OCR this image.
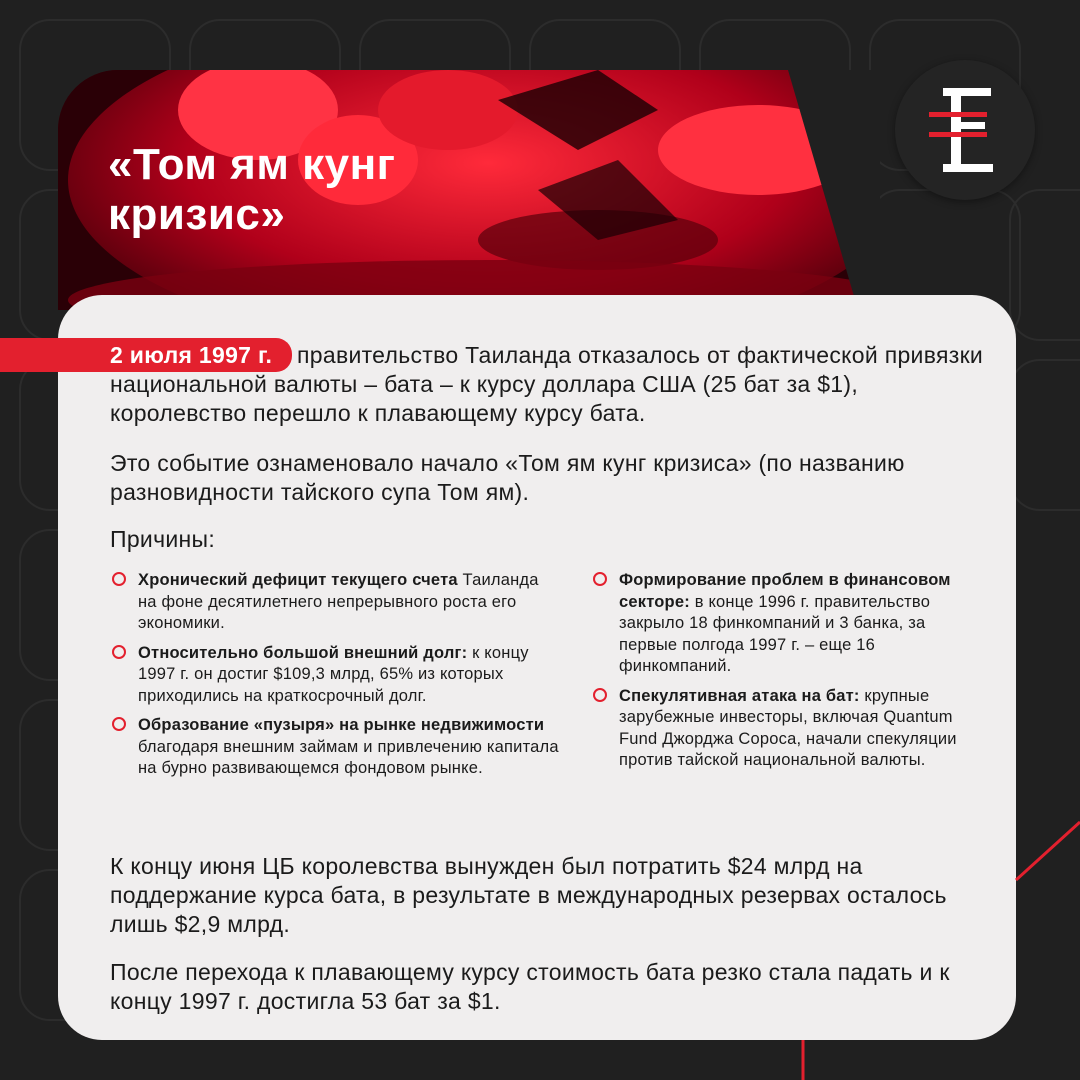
«Том ям кунг
кризис»
2 июля 1997 г.	правительство Таиланда отказалось от фактической привязки национальной валюты – бата – к курсу доллара США (25 бат за $1), королевство перешло к плавающему курсу бата.

Это событие ознаменовало начало «Том ям кунг кризиса» (по названию разновидности тайского супа Том ям).

Причины:

Хронический дефицит текущего счета Таиланда на фоне десятилетнего непрерывного роста его экономики.
Относительно большой внешний долг: к концу 1997 г. он достиг $109,3 млрд, 65% из которых приходились на краткосрочный долг.
Образование «пузыря» на рынке недвижимости благодаря внешним займам и привлечению капитала на бурно развивающемся фондовом рынке.
Формирование проблем в финансовом секторе: в конце 1996 г. правительство закрыло 18 финкомпаний и 3 банка, за первые полгода 1997 г. – еще 16 финкомпаний.
Спекулятивная атака на бат: крупные зарубежные инвесторы, включая Quantum Fund Джорджа Сороса, начали спекуляции против тайской национальной валюты.

К концу июня ЦБ королевства вынужден был потратить $24 млрд на поддержание курса бата, в результате в международных резервах осталось лишь $2,9 млрд.

После перехода к плавающему курсу стоимость бата резко стала падать и к концу 1997 г. достигла 53 бат за $1.
